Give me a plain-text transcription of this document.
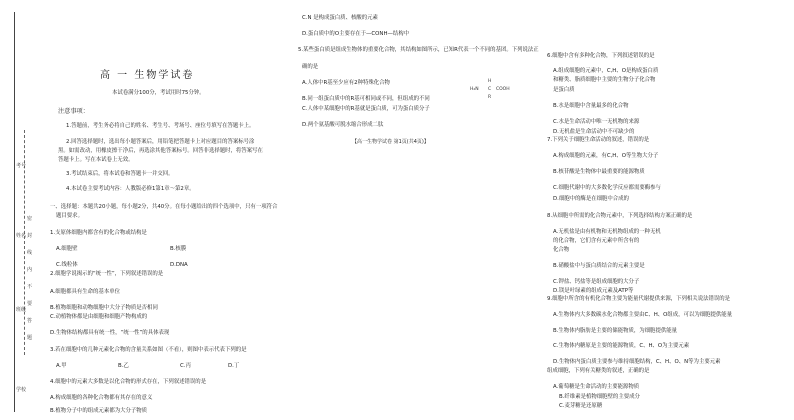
考号
姓名
班级
学校
密
封
线
内
不
要
答
题
高 一 生物学试卷
本试卷满分100分，考试用时75分钟。
注意事项：
1.答题前，考生务必将自己的姓名、考生号、考场号、座位号填写在答题卡上。
2.回答选择题时，选出每小题答案后，用铅笔把答题卡上对应题目的答案标号涂
黑。如需改动，用橡皮擦干净后，再选涂其他答案标号。回答非选择题时，将答案写在
答题卡上。写在本试卷上无效。
3.考试结束后，将本试卷和答题卡一并交回。
4.本试卷主要考试内容：人教版必修1第1章～第2章。
一、选择题：本题共20小题，每小题2分，共40分。在每小题给出的四个选项中，只有一项符合
题目要求。
1.支原体细胞内都含有的化合物或结构是
A.细胞壁	B.核膜
C.线粒体	D.DNA
2.细胞学说揭示的“统一性”，下列叙述错误的是
A.细胞都具有生命的基本单位
B.植物细胞和动物细胞中大分子物质是否相同
C.动植物体都是由细胞和细胞产物构成的
D.生物体结构都具有统一性，“统一性”的具体表现
3.若在细胞中的几种元素化合物的含量关系如图（不看），则图中表示代表下列的是
A.甲	B.乙	C.丙	D.丁
4.细胞中的元素大多数是以化合物的形式存在，下列叙述错误的是
A.构成细胞的各种化合物都有其存在的意义
B.植物分子中的组成元素都为大分子物质
C.N 是构成蛋白质、核酸的元素
D.蛋白质中的O主要存在于—CONH—结构中
5.某些蛋白质是组成生物体的重要化合物，其结构如图所示，已知R代表一个不同的基团。下列说法正
确的是
A.人体中R基至少应有2种特殊化合物
B.同一组蛋白质中的R基可相同或不同，但组成的不同
C.人体中某细胞中的R基就是蛋白质，可为蛋白质分子
D.两个氨基酸可脱水缩合形成二肽
【高一生物学试卷 第1页(共4页)】
H
H₂N C COOH
R
6.细胞中含有多种化合物，下列叙述错误的是
A.组成细胞的元素中，C,H、O是构成蛋白质
和糖类、脂质细胞中主要的生物分子化合物
是蛋白质
B.水是细胞中含量最多的化合物
C.水是生命活动中唯一无机物的来源
D.无机盐是生命活动中不可缺少的
7.下列关于细胞生命活动的叙述，错误的是
A.构成细胞的元素，有C,H、O等生物大分子
B.核苷酸是生物体中最重要的能源物质
C.细胞代谢中的大多数化学反应都需要酶参与
D.细胞中的酶是在细胞中合成的
8.从细胞中所需的化合物元素中，下列选择结构方案正确的是
A.无机盐是由有机物和无机物组成的一种无机
的化合物，它们含有元素中所含有的
化合物
B.硝酸盐中与蛋白质结合的元素主要是
C.钾盐、钙盐等是组成细胞的大分子
D.镁是叶绿素的组成元素及ATP等
9.细胞中所含的有机化合物主要为能量代谢提供来源，下列相关说法错误的是
A.生物体内大多数碳水化合物都主要由C、H、O组成，可以为细胞提供能量
B.生物体内脂肪是主要的储能物质，为细胞提供能量
C.生物体内糖原是主要的能源物质，C、H、O为主要元素
D.生物体内蛋白质主要参与维持细胞结构，C、H、O、N等为主要元素
组成细胞，下列有关糖类的叙述，正确的是
A.葡萄糖是生命活动的主要能源物质
B.纤维素是植物细胞壁的主要成分
C.麦芽糖是还原糖
